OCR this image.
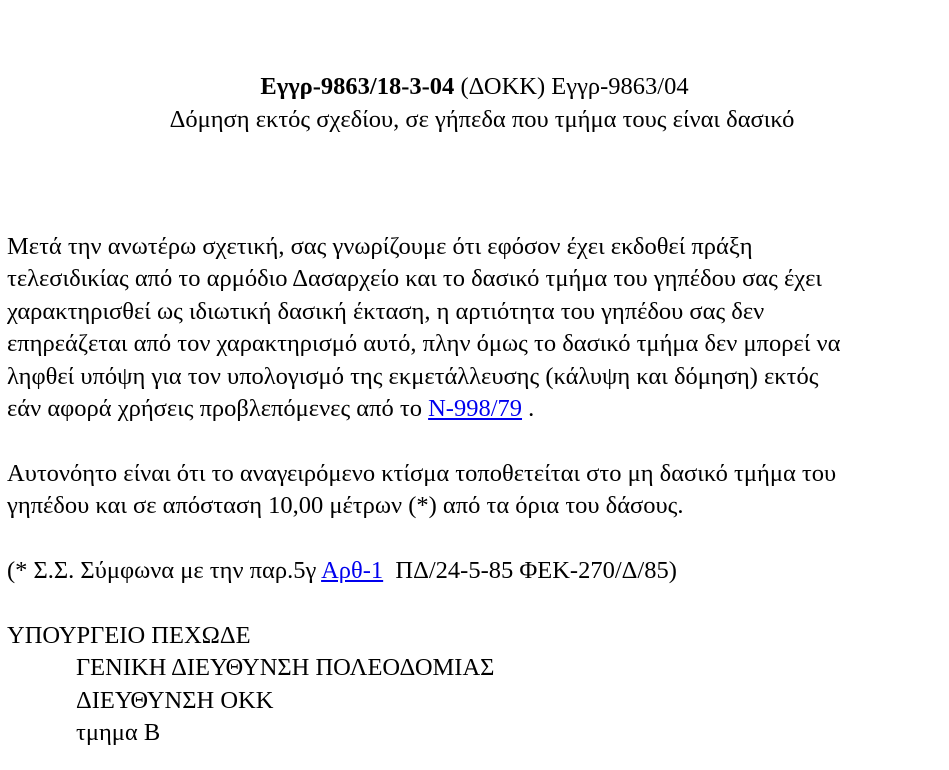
Εγγρ-9863/18-3-04 (ΔΟΚΚ) Εγγρ-9863/04
Δόμηση εκτός σχεδίου, σε γήπεδα που τμήμα τους είναι δασικό
Μετά την ανωτέρω σχετική, σας γνωρίζουμε ότι εφόσον έχει εκδοθεί πράξη
τελεσιδικίας από το αρμόδιο Δασαρχείο και το δασικό τμήμα του γηπέδου σας έχει
χαρακτηρισθεί ως ιδιωτική δασική έκταση, η αρτιότητα του γηπέδου σας δεν
επηρεάζεται από τον χαρακτηρισμό αυτό, πλην όμως το δασικό τμήμα δεν μπορεί να
ληφθεί υπόψη για τον υπολογισμό της εκμετάλλευσης (κάλυψη και δόμηση) εκτός
εάν αφορά χρήσεις προβλεπόμενες από το Ν-998/79 .
Αυτονόητο είναι ότι το αναγειρόμενο κτίσμα τοποθετείται στο μη δασικό τμήμα του
γηπέδου και σε απόσταση 10,00 μέτρων (*) από τα όρια του δάσους.
(* Σ.Σ. Σύμφωνα με την παρ.5γ Αρθ-1  ΠΔ/24-5-85 ΦΕΚ-270/Δ/85)
ΥΠΟΥΡΓΕΙΟ ΠΕΧΩΔΕ
ΓΕΝΙΚΗ ΔΙΕΥΘΥΝΣΗ ΠΟΛΕΟΔΟΜΙΑΣ
ΔΙΕΥΘΥΝΣΗ ΟΚΚ
τμημα Β
